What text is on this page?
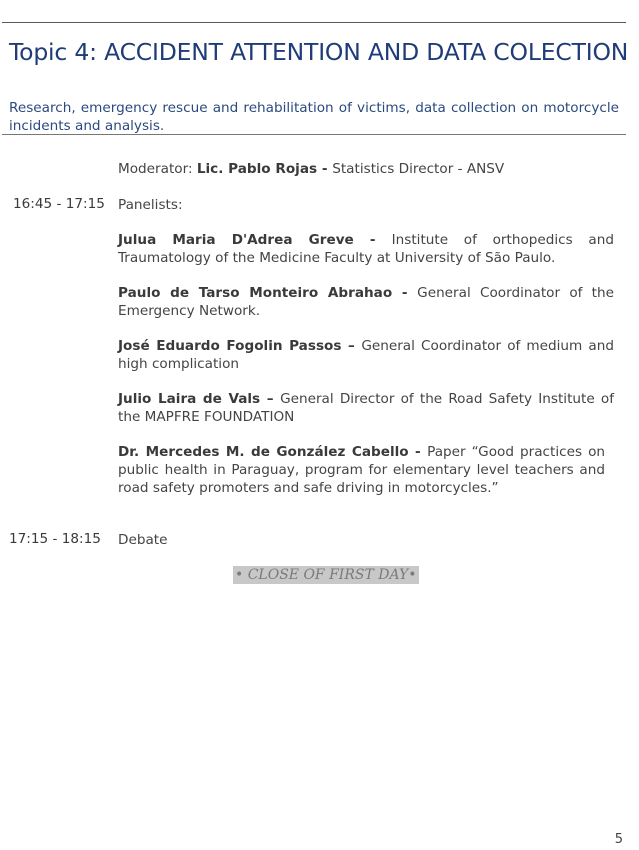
Topic 4: ACCIDENT ATTENTION AND DATA COLECTION

Research, emergency rescue and rehabilitation of victims, data collection on motorcycle incidents and analysis.

Moderator: Lic. Pablo Rojas - Statistics Director - ANSV

16:45 - 17:15 Panelists:

Julua Maria D'Adrea Greve - Institute of orthopedics and Traumatology of the Medicine Faculty at University of São Paulo.

Paulo de Tarso Monteiro Abrahao - General Coordinator of the Emergency Network.

José Eduardo Fogolin Passos – General Coordinator of medium and high complication

Julio Laira de Vals – General Director of the Road Safety Institute of the MAPFRE FOUNDATION

Dr. Mercedes M. de González Cabello - Paper “Good practices on public health in Paraguay, program for elementary level teachers and road safety promoters and safe driving in motorcycles.”

17:15 - 18:15 Debate

• CLOSE OF FIRST DAY•
5
